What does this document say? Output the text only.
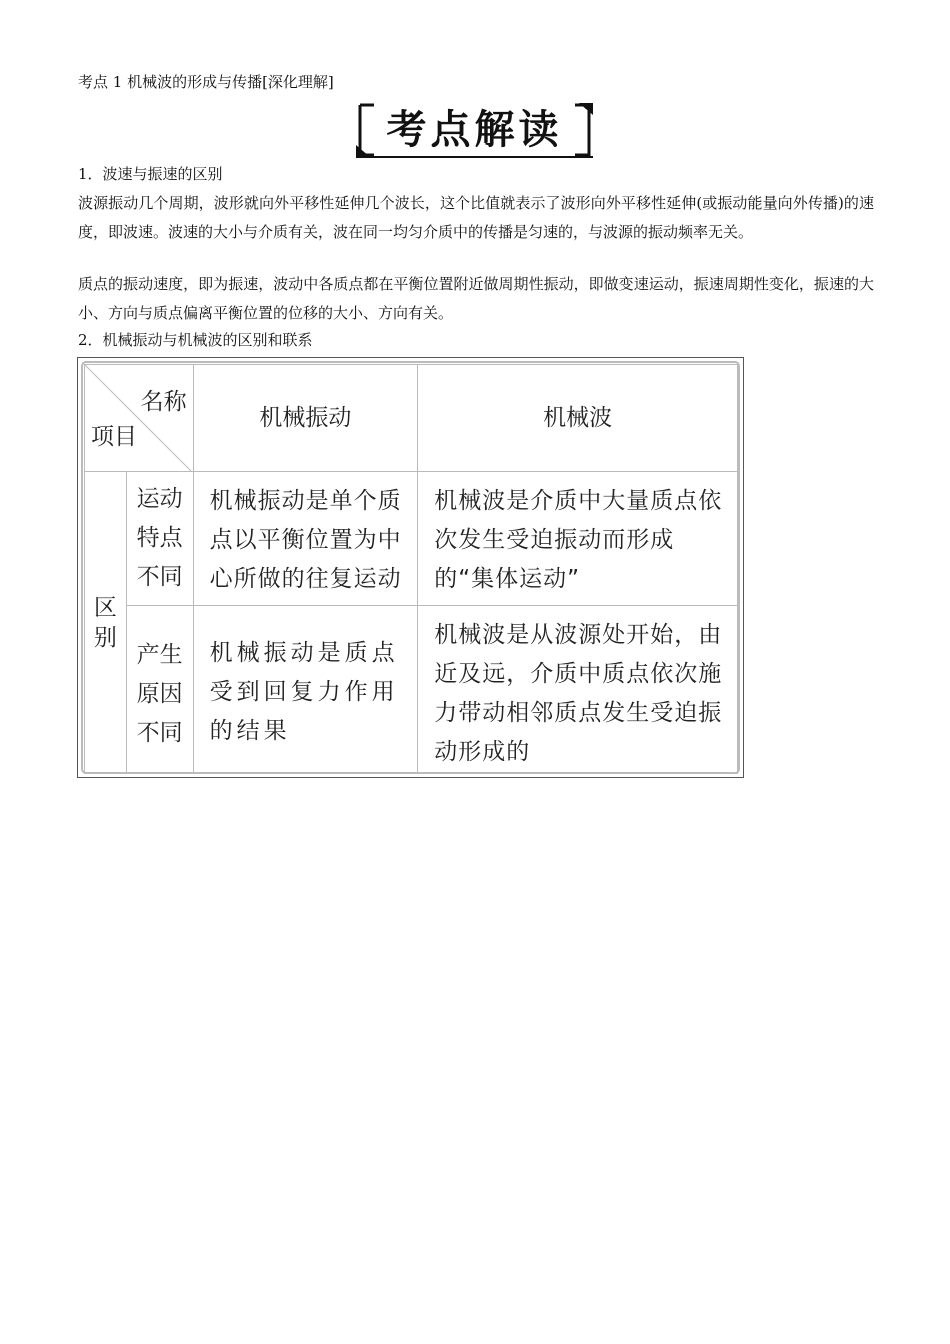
考点 1 机械波的形成与传播[深化理解]
考点解读
1．波速与振速的区别
波源振动几个周期，波形就向外平移性延伸几个波长，这个比值就表示了波形向外平移性延伸(或振动能量向外传播)的速度，即波速。波速的大小与介质有关，波在同一均匀介质中的传播是匀速的，与波源的振动频率无关。
质点的振动速度，即为振速，波动中各质点都在平衡位置附近做周期性振动，即做变速运动，振速周期性变化，振速的大小、方向与质点偏离平衡位置的位移的大小、方向有关。
2．机械振动与机械波的区别和联系
名称
项目		机械振动	机械波
区别	运动特点不同	机械振动是单个质点以平衡位置为中心所做的往复运动	机械波是介质中大量质点依次发生受迫振动而形成的“集体运动”
	产生原因不同	机械振动是质点受到回复力作用的结果	机械波是从波源处开始，由近及远，介质中质点依次施力带动相邻质点发生受迫振动形成的
